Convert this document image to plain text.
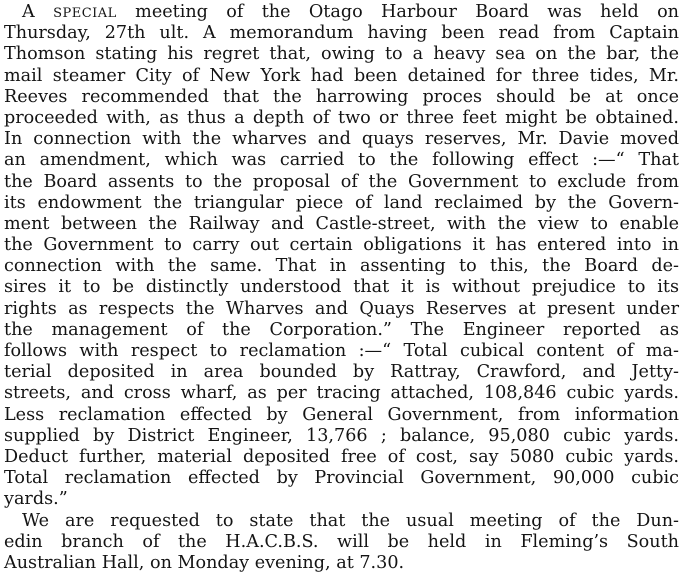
A SPECIAL meeting of the Otago Harbour Board was held on
Thursday, 27th ult. A memorandum having been read from Captain
Thomson stating his regret that, owing to a heavy sea on the bar, the
mail steamer City of New York had been detained for three tides, Mr.
Reeves recommended that the harrowing proces should be at once
proceeded with, as thus a depth of two or three feet might be obtained.
In connection with the wharves and quays reserves, Mr. Davie moved
an amendment, which was carried to the following effect :—“ That
the Board assents to the proposal of the Government to exclude from
its endowment the triangular piece of land reclaimed by the Govern-
ment between the Railway and Castle-street, with the view to enable
the Government to carry out certain obligations it has entered into in
connection with the same. That in assenting to this, the Board de-
sires it to be distinctly understood that it is without prejudice to its
rights as respects the Wharves and Quays Reserves at present under
the management of the Corporation.” The Engineer reported as
follows with respect to reclamation :—“ Total cubical content of ma-
terial deposited in area bounded by Rattray, Crawford, and Jetty-
streets, and cross wharf, as per tracing attached, 108,846 cubic yards.
Less reclamation effected by General Government, from information
supplied by District Engineer, 13,766 ; balance, 95,080 cubic yards.
Deduct further, material deposited free of cost, say 5080 cubic yards.
Total reclamation effected by Provincial Government, 90,000 cubic
yards.”
We are requested to state that the usual meeting of the Dun-
edin branch of the H.A.C.B.S. will be held in Fleming’s South
Australian Hall, on Monday evening, at 7.30.
